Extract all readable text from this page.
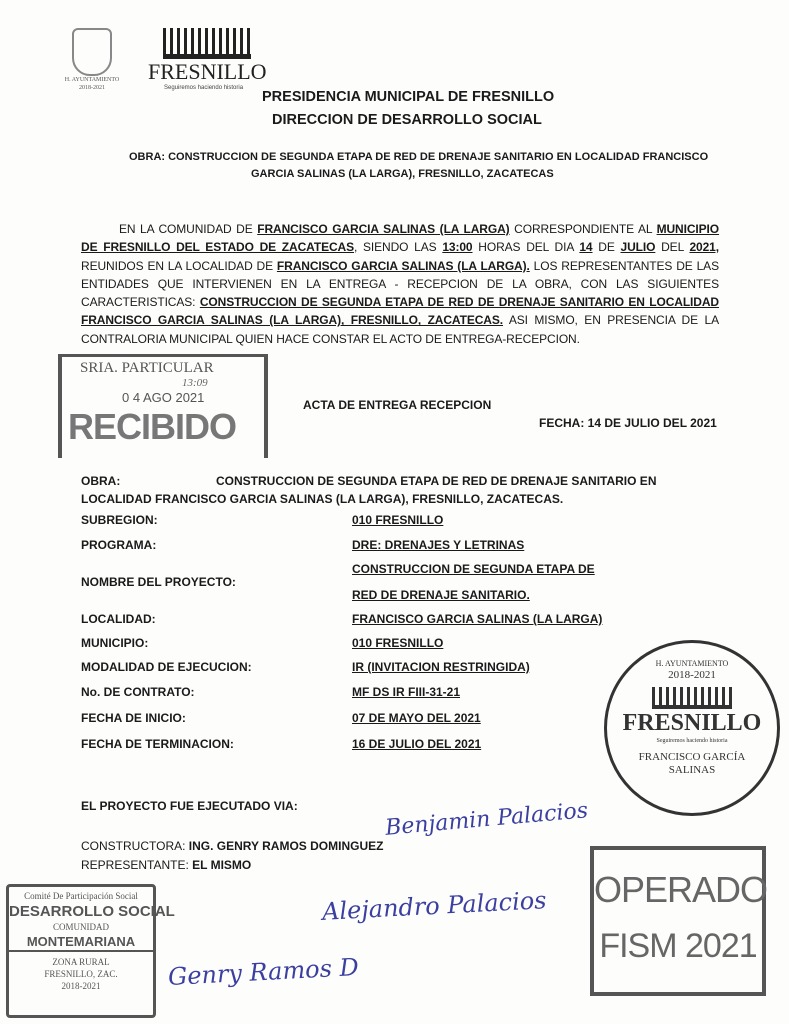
H. AYUNTAMIENTO 2018-2021
FRESNILLO
Seguiremos haciendo historia
PRESIDENCIA MUNICIPAL DE FRESNILLO
DIRECCION DE DESARROLLO SOCIAL
OBRA: CONSTRUCCION DE SEGUNDA ETAPA DE RED DE DRENAJE SANITARIO EN LOCALIDAD FRANCISCO
GARCIA SALINAS (LA LARGA), FRESNILLO, ZACATECAS
EN LA COMUNIDAD DE FRANCISCO GARCIA SALINAS (LA LARGA) CORRESPONDIENTE AL MUNICIPIO DE FRESNILLO DEL ESTADO DE ZACATECAS, SIENDO LAS 13:00 HORAS DEL DIA 14 DE JULIO DEL 2021, REUNIDOS EN LA LOCALIDAD DE FRANCISCO GARCIA SALINAS (LA LARGA). LOS REPRESENTANTES DE LAS ENTIDADES QUE INTERVIENEN EN LA ENTREGA - RECEPCION DE LA OBRA, CON LAS SIGUIENTES CARACTERISTICAS: CONSTRUCCION DE SEGUNDA ETAPA DE RED DE DRENAJE SANITARIO EN LOCALIDAD FRANCISCO GARCIA SALINAS (LA LARGA), FRESNILLO, ZACATECAS. ASI MISMO, EN PRESENCIA DE LA CONTRALORIA MUNICIPAL QUIEN HACE CONSTAR EL ACTO DE ENTREGA-RECEPCION.
SRIA. PARTICULAR
13:09
0 4 AGO 2021
RECIBIDO
ACTA DE ENTREGA RECEPCION
FECHA: 14 DE JULIO DEL 2021
OBRA:	CONSTRUCCION DE SEGUNDA ETAPA DE RED DE DRENAJE SANITARIO EN
LOCALIDAD FRANCISCO GARCIA SALINAS (LA LARGA), FRESNILLO, ZACATECAS.
SUBREGION:	010 FRESNILLO
PROGRAMA:	DRE: DRENAJES Y LETRINAS
NOMBRE DEL PROYECTO:
CONSTRUCCION DE SEGUNDA ETAPA DE
RED DE DRENAJE SANITARIO.
LOCALIDAD:	FRANCISCO GARCIA SALINAS (LA LARGA)
MUNICIPIO:	010 FRESNILLO
MODALIDAD DE EJECUCION:	IR (INVITACION RESTRINGIDA)
No. DE CONTRATO:	MF DS IR FIII-31-21
FECHA DE INICIO:	07 DE MAYO DEL 2021
FECHA DE TERMINACION:	16 DE JULIO DEL 2021
EL PROYECTO FUE EJECUTADO VIA:
CONSTRUCTORA: ING. GENRY RAMOS DOMINGUEZ
REPRESENTANTE: EL MISMO
Comité De Participación Social
DESARROLLO SOCIAL
COMUNIDAD
MONTEMARIANA
ZONA RURAL
FRESNILLO, ZAC.
2018-2021
H. AYUNTAMIENTO
2018-2021
FRESNILLO
Seguiremos haciendo historia
FRANCISCO GARCÍA
SALINAS
OPERADO
FISM 2021
Benjamin Palacios
Alejandro Palacios
Genry Ramos D
